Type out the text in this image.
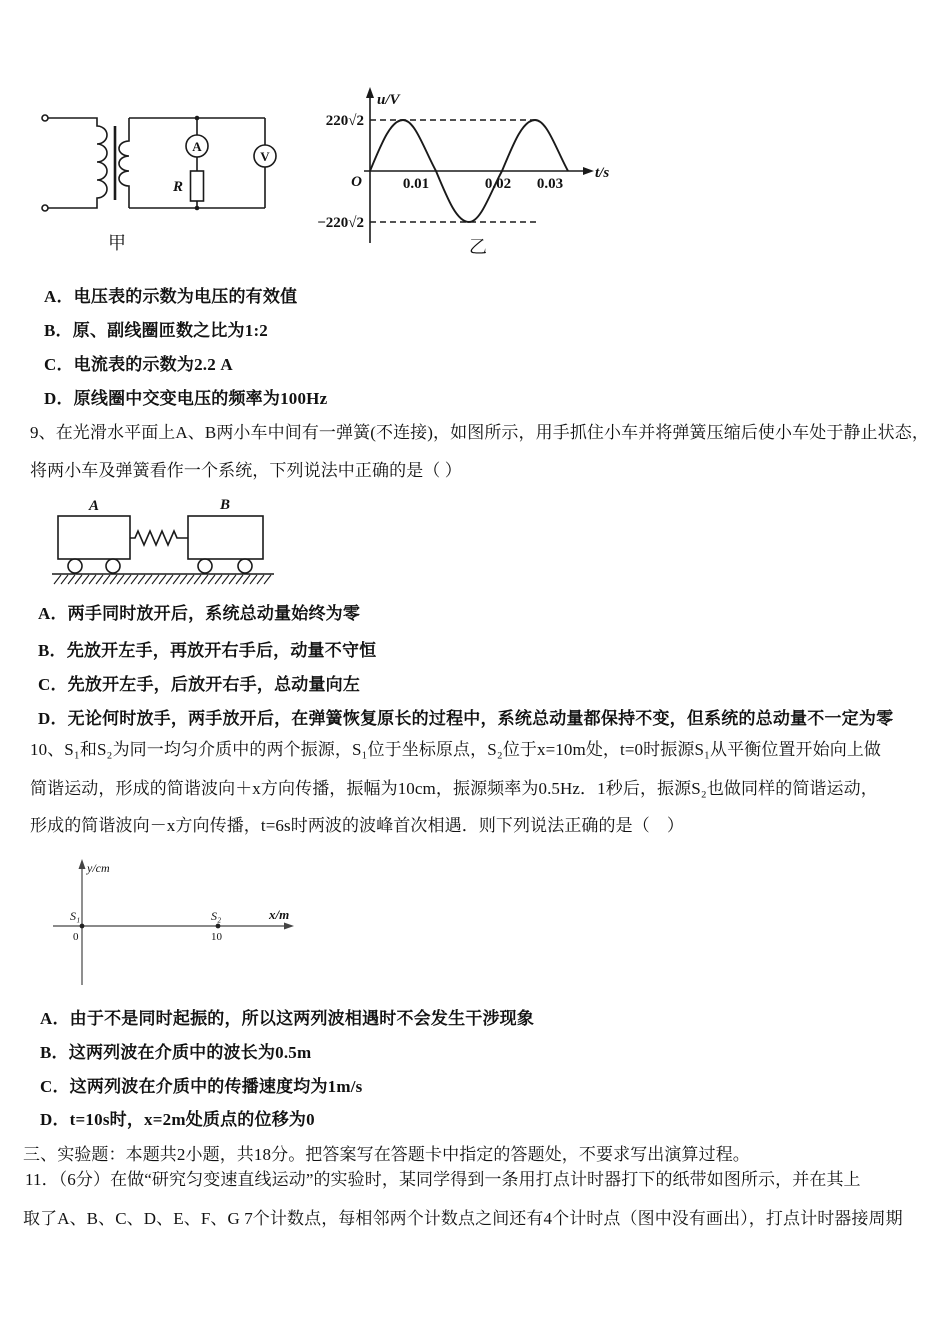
A
R
V
甲
u/V
t/s
O
220√2
−220√2
0.01	0.02 0.03
乙
A．电压表的示数为电压的有效值
B．原、副线圈匝数之比为1:2
C．电流表的示数为2.2 A
D．原线圈中交变电压的频率为100Hz
9、在光滑水平面上A、B两小车中间有一弹簧(不连接)，如图所示，用手抓住小车并将弹簧压缩后使小车处于静止状态，
将两小车及弹簧看作一个系统，下列说法中正确的是（ ）
A	B
A．两手同时放开后，系统总动量始终为零
B．先放开左手，再放开右手后，动量不守恒
C．先放开左手，后放开右手，总动量向左
D．无论何时放手，两手放开后，在弹簧恢复原长的过程中，系统总动量都保持不变，但系统的总动量不一定为零
10、S₁和S₂为同一均匀介质中的两个振源，S₁位于坐标原点，S₂位于x=10m处，t=0时振源S₁从平衡位置开始向上做
简谐运动，形成的简谐波向＋x方向传播，振幅为10cm，振源频率为0.5Hz．1秒后，振源S₂也做同样的简谐运动，
形成的简谐波向－x方向传播，t=6s时两波的波峰首次相遇．则下列说法正确的是（　）
y/cm
x/m
S₁	S₂
0	10
A．由于不是同时起振的，所以这两列波相遇时不会发生干涉现象
B．这两列波在介质中的波长为0.5m
C．这两列波在介质中的传播速度均为1m/s
D．t=10s时，x=2m处质点的位移为0
三、实验题：本题共2小题，共18分。把答案写在答题卡中指定的答题处，不要求写出演算过程。
11．（6分）在做“研究匀变速直线运动”的实验时，某同学得到一条用打点计时器打下的纸带如图所示，并在其上
取了A、B、C、D、E、F、G 7个计数点，每相邻两个计数点之间还有4个计时点（图中没有画出），打点计时器接周期
